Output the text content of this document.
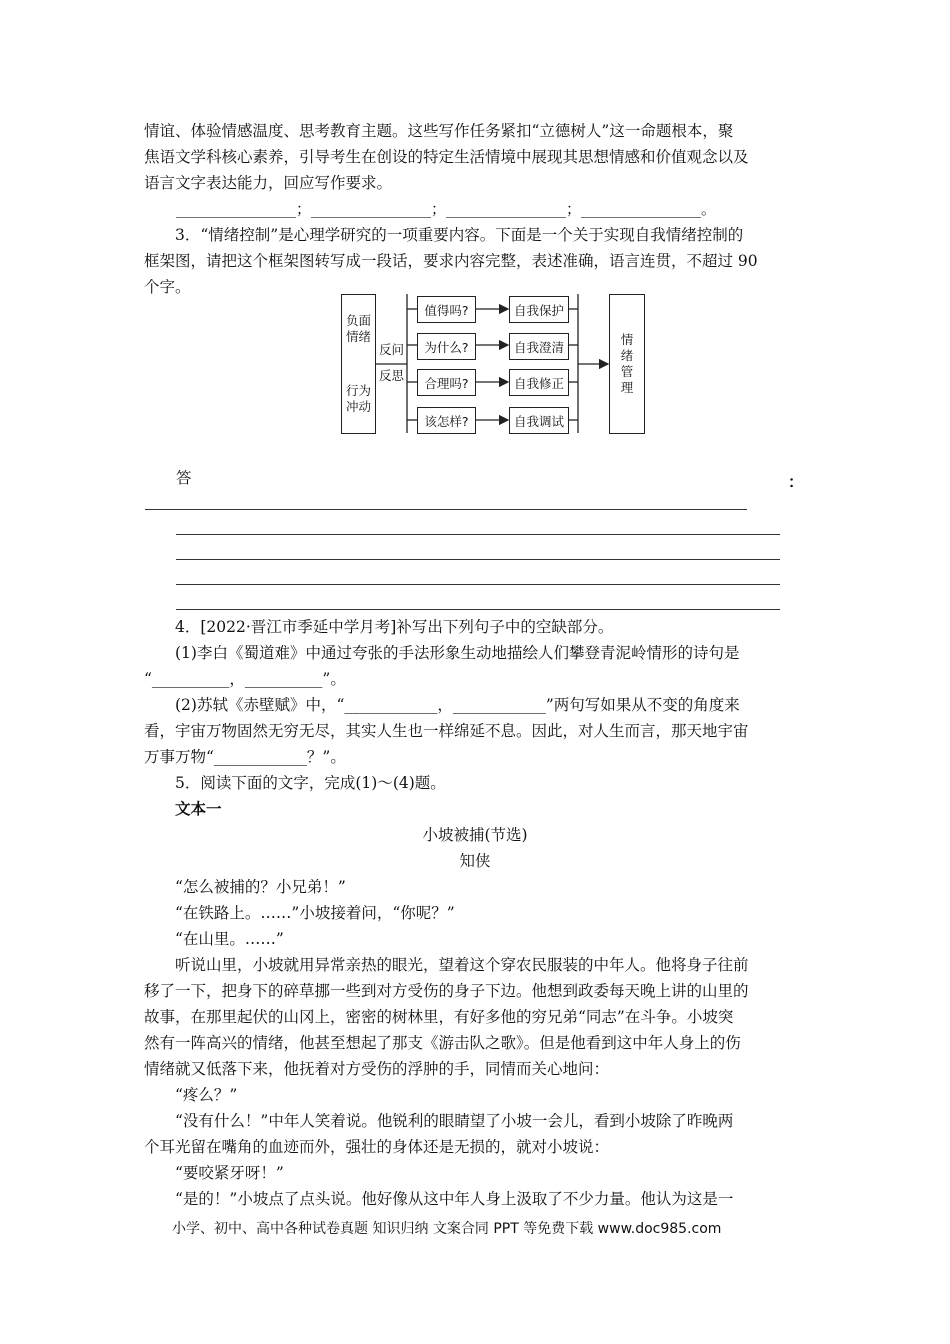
情谊、体验情感温度、思考教育主题。这些写作任务紧扣“立德树人”这一命题根本，聚

焦语文学科核心素养，引导考生在创设的特定生活情境中展现其思想情感和价值观念以及

语言文字表达能力，回应写作要求。

________________；________________；________________；________________。

3．“情绪控制”是心理学研究的一项重要内容。下面是一个关于实现自我情绪控制的

框架图，请把这个框架图转写成一段话，要求内容完整，表述准确，语言连贯，不超过 90

个字。

负面情绪
行为冲动
反问
反思
值得吗?
为什么?
合理吗?
该怎样?
自我保护
自我澄清
自我修正
自我调试
情绪管理
答	：

4．[2022·晋江市季延中学月考]补写出下列句子中的空缺部分。

(1)李白《蜀道难》中通过夸张的手法形象生动地描绘人们攀登青泥岭情形的诗句是

“__________，__________”。

(2)苏轼《赤壁赋》中，“____________，____________”两句写如果从不变的角度来

看，宇宙万物固然无穷无尽，其实人生也一样绵延不息。因此，对人生而言，那天地宇宙

万事万物“____________？”。

5．阅读下面的文字，完成(1)～(4)题。

文本一

小坡被捕(节选)

知侠

“怎么被捕的？小兄弟！”

“在铁路上。……”小坡接着问，“你呢？”

“在山里。……”

听说山里，小坡就用异常亲热的眼光，望着这个穿农民服装的中年人。他将身子往前

移了一下，把身下的碎草挪一些到对方受伤的身子下边。他想到政委每天晚上讲的山里的

故事，在那里起伏的山冈上，密密的树林里，有好多他的穷兄弟“同志”在斗争。小坡突

然有一阵高兴的情绪，他甚至想起了那支《游击队之歌》。但是他看到这中年人身上的伤

情绪就又低落下来，他抚着对方受伤的浮肿的手，同情而关心地问：

“疼么？”

“没有什么！”中年人笑着说。他锐利的眼睛望了小坡一会儿，看到小坡除了昨晚两

个耳光留在嘴角的血迹而外，强壮的身体还是无损的，就对小坡说：

“要咬紧牙呀！”

“是的！”小坡点了点头说。他好像从这中年人身上汲取了不少力量。他认为这是一

小学、初中、高中各种试卷真题 知识归纳 文案合同 PPT 等免费下载 www.doc985.com
